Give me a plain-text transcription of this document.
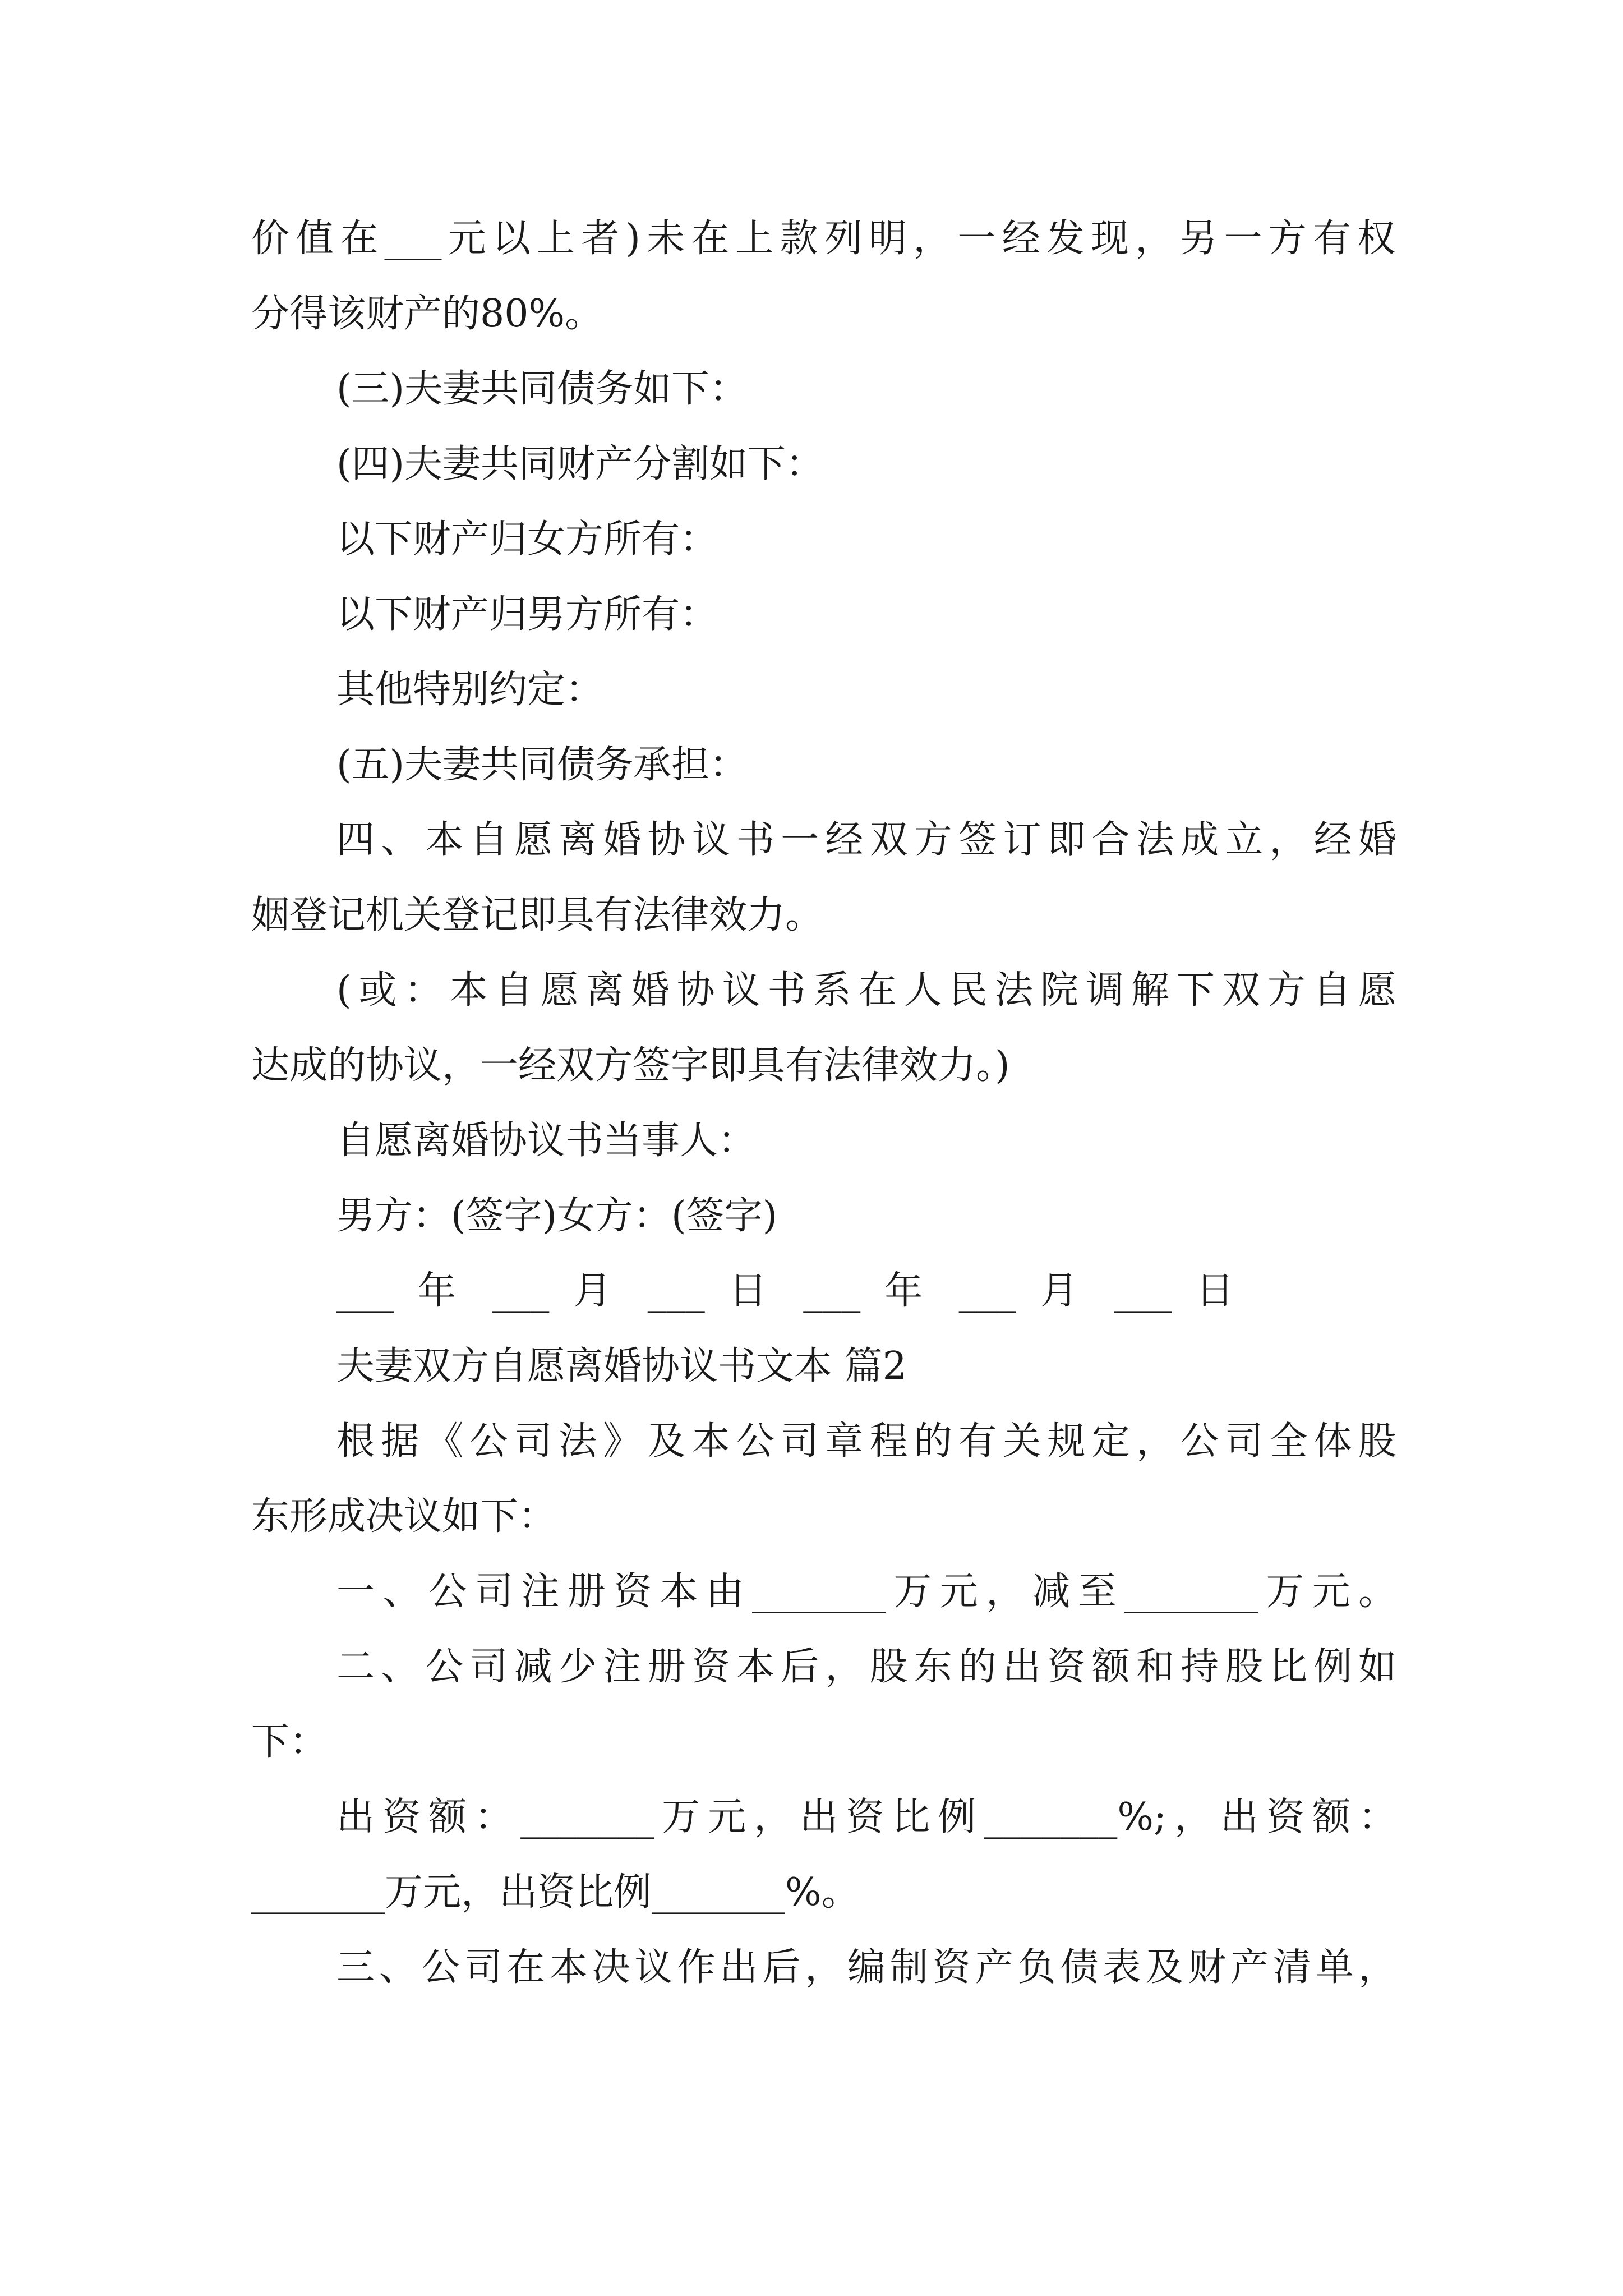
价值在___元以上者)未在上款列明，一经发现，另一方有权

分得该财产的80%。

(三)夫妻共同债务如下：

(四)夫妻共同财产分割如下：

以下财产归女方所有：

以下财产归男方所有：

其他特别约定：

(五)夫妻共同债务承担：

四、本自愿离婚协议书一经双方签订即合法成立，经婚

姻登记机关登记即具有法律效力。

(或：本自愿离婚协议书系在人民法院调解下双方自愿

达成的协议，一经双方签字即具有法律效力。)

自愿离婚协议书当事人：

男方：(签字)女方：(签字)

___ 年 ___ 月 ___ 日 ___ 年 ___ 月 ___ 日

夫妻双方自愿离婚协议书文本 篇2

根据《公司法》及本公司章程的有关规定，公司全体股

东形成决议如下：

一、公司注册资本由_______万元，减至_______万元。

二、公司减少注册资本后，股东的出资额和持股比例如

下：

出资额：_______万元，出资比例_______%;，出资额：

_______万元，出资比例_______%。

三、公司在本决议作出后，编制资产负债表及财产清单，
